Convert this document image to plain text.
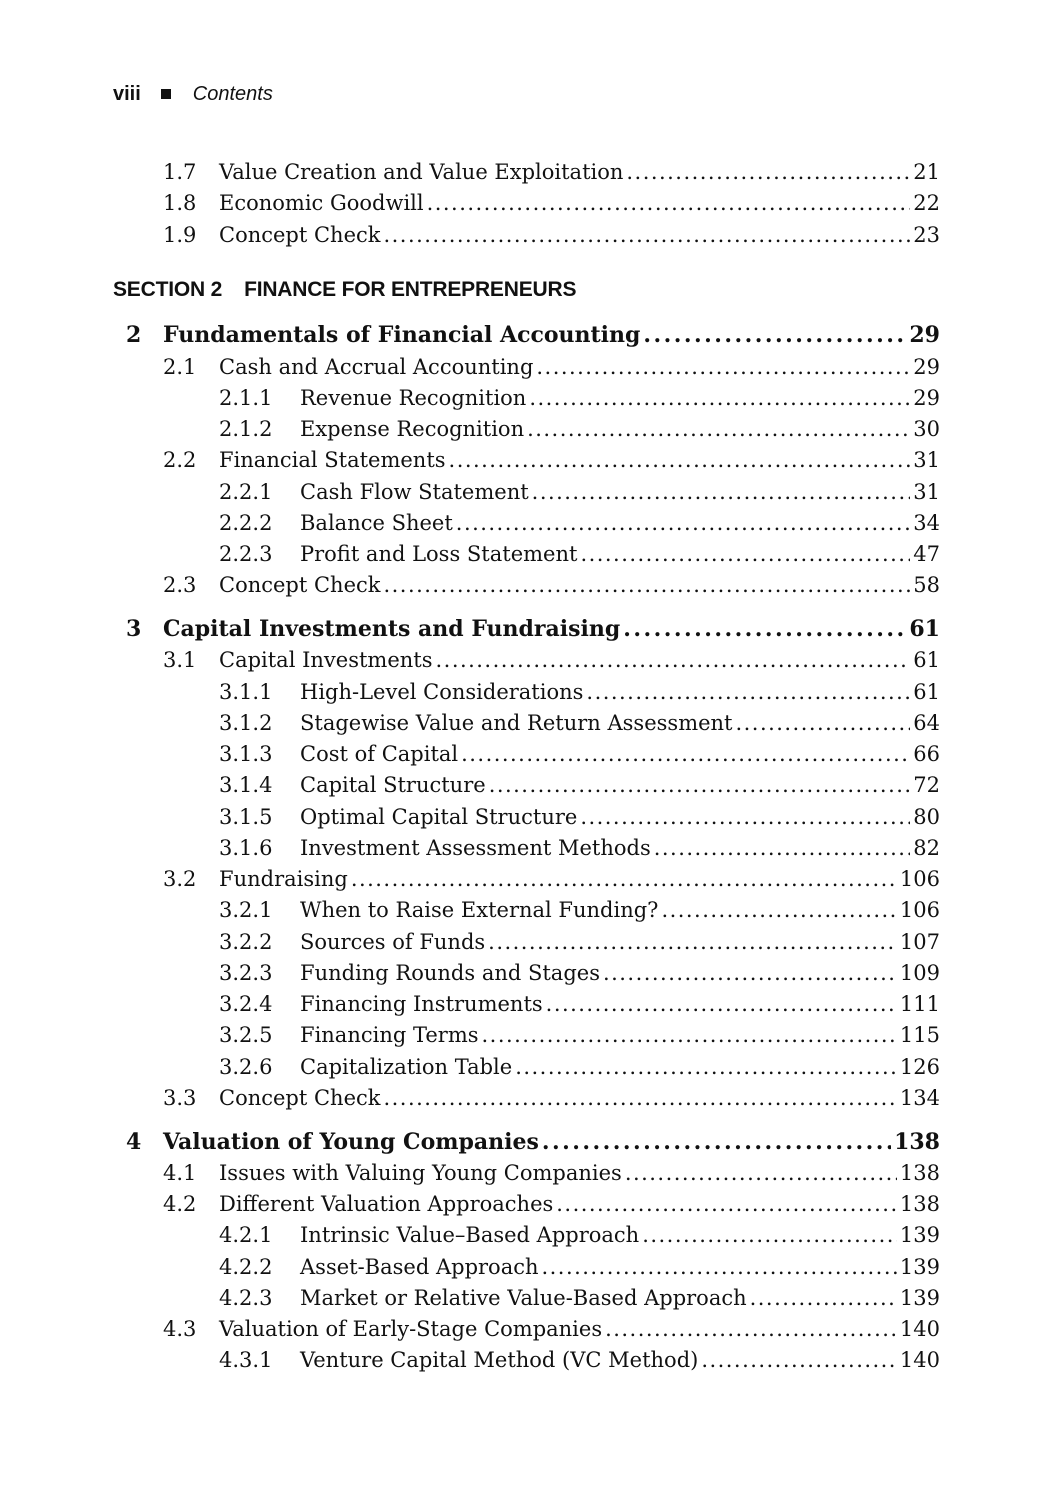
viii	Contents
SECTION 2 FINANCE FOR ENTREPRENEURS
1.7 Value Creation and Value Exploitation . . .	21
1.8 Economic Goodwill . . .	22
1.9 Concept Check . . .	23
2 Fundamentals of Financial Accounting . . .	29
2.1 Cash and Accrual Accounting . . .	29
2.1.1 Revenue Recognition . . .	29
2.1.2 Expense Recognition . . .	30
2.2 Financial Statements . . .	31
2.2.1 Cash Flow Statement . . .	31
2.2.2 Balance Sheet . . .	34
2.2.3 Profit and Loss Statement . . .	47
2.3 Concept Check . . .	58
3 Capital Investments and Fundraising . . .	61
3.1 Capital Investments . . .	61
3.1.1 High-Level Considerations . . .	61
3.1.2 Stagewise Value and Return Assessment . . .	64
3.1.3 Cost of Capital . . .	66
3.1.4 Capital Structure . . .	72
3.1.5 Optimal Capital Structure . . .	80
3.1.6 Investment Assessment Methods . . .	82
3.2 Fundraising . . .	106
3.2.1 When to Raise External Funding? . . .	106
3.2.2 Sources of Funds . . .	107
3.2.3 Funding Rounds and Stages . . .	109
3.2.4 Financing Instruments . . .	111
3.2.5 Financing Terms . . .	115
3.2.6 Capitalization Table . . .	126
3.3 Concept Check . . .	134
4 Valuation of Young Companies . . .	138
4.1 Issues with Valuing Young Companies . . .	138
4.2 Different Valuation Approaches . . .	138
4.2.1 Intrinsic Value–Based Approach . . .	139
4.2.2 Asset-Based Approach . . .	139
4.2.3 Market or Relative Value-Based Approach . . .	139
4.3 Valuation of Early-Stage Companies . . .	140
4.3.1 Venture Capital Method (VC Method) . . .	140
